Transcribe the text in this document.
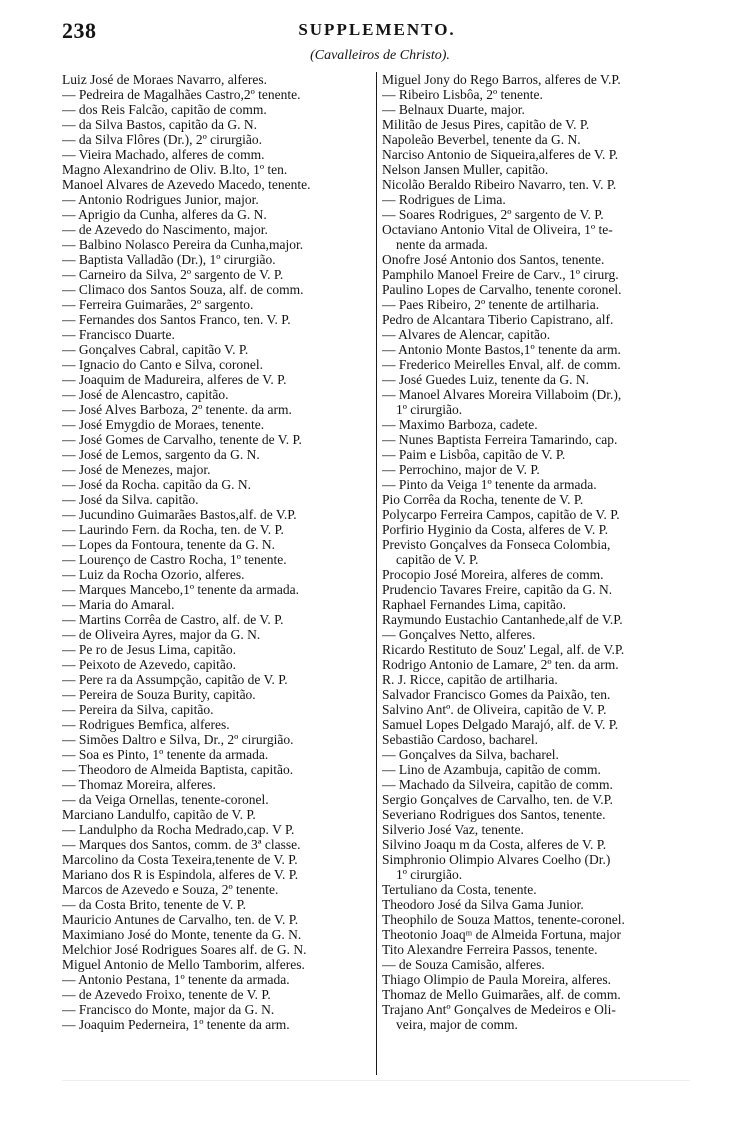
238	SUPPLEMENTO.
(Cavalleiros de Christo).
Luiz José de Moraes Navarro, alferes.
— Pedreira de Magalhães Castro,2º tenente.
— dos Reis Falcão, capitão de comm.
— da Silva Bastos, capitão da G. N.
— da Silva Flôres (Dr.), 2º cirurgião.
— Vieira Machado, alferes de comm.
Magno Alexandrino de Oliv. B.lto, 1º ten.
Manoel Alvares de Azevedo Macedo, tenente.
— Antonio Rodrigues Junior, major.
— Aprigio da Cunha, alferes da G. N.
— de Azevedo do Nascimento, major.
— Balbino Nolasco Pereira da Cunha,major.
— Baptista Valladão (Dr.), 1º cirurgião.
— Carneiro da Silva, 2º sargento de V. P.
— Climaco dos Santos Souza, alf. de comm.
— Ferreira Guimarães, 2º sargento.
— Fernandes dos Santos Franco, ten. V. P.
— Francisco Duarte.
— Gonçalves Cabral, capitão V. P.
— Ignacio do Canto e Silva, coronel.
— Joaquim de Madureira, alferes de V. P.
— José de Alencastro, capitão.
— José Alves Barboza, 2º tenente. da arm.
— José Emygdio de Moraes, tenente.
— José Gomes de Carvalho, tenente de V. P.
— José de Lemos, sargento da G. N.
— José de Menezes, major.
— José da Rocha. capitão da G. N.
— José da Silva. capitão.
— Jucundino Guimarães Bastos,alf. de V.P.
— Laurindo Fern. da Rocha, ten. de V. P.
— Lopes da Fontoura, tenente da G. N.
— Lourenço de Castro Rocha, 1º tenente.
— Luiz da Rocha Ozorio, alferes.
— Marques Mancebo,1º tenente da armada.
— Maria do Amaral.
— Martins Corrêa de Castro, alf. de V. P.
— de Oliveira Ayres, major da G. N.
— Pe ro de Jesus Lima, capitão.
— Peixoto de Azevedo, capitão.
— Pere ra da Assumpção, capitão de V. P.
— Pereira de Souza Burity, capitão.
— Pereira da Silva, capitão.
— Rodrigues Bemfica, alferes.
— Simões Daltro e Silva, Dr., 2º cirurgião.
— Soa es Pinto, 1º tenente da armada.
— Theodoro de Almeida Baptista, capitão.
— Thomaz Moreira, alferes.
— da Veiga Ornellas, tenente-coronel.
Marciano Landulfo, capitão de V. P.
— Landulpho da Rocha Medrado,cap. V P.
— Marques dos Santos, comm. de 3ª classe.
Marcolino da Costa Texeira,tenente de V. P.
Mariano dos R is Espindola, alferes de V. P.
Marcos de Azevedo e Souza, 2º tenente.
— da Costa Brito, tenente de V. P.
Mauricio Antunes de Carvalho, ten. de V. P.
Maximiano José do Monte, tenente da G. N.
Melchior José Rodrigues Soares alf. de G. N.
Miguel Antonio de Mello Tamborim, alferes.
— Antonio Pestana, 1º tenente da armada.
— de Azevedo Froixo, tenente de V. P.
— Francisco do Monte, major da G. N.
— Joaquim Pederneira, 1º tenente da arm.
Miguel Jony do Rego Barros, alferes de V.P.
— Ribeiro Lisbôa, 2º tenente.
— Belnaux Duarte, major.
Militão de Jesus Pires, capitão de V. P.
Napoleão Beverbel, tenente da G. N.
Narciso Antonio de Siqueira,alferes de V. P.
Nelson Jansen Muller, capitão.
Nicolão Beraldo Ribeiro Navarro, ten. V. P.
— Rodrigues de Lima.
— Soares Rodrigues, 2º sargento de V. P.
Octaviano Antonio Vital de Oliveira, 1º te-
nente da armada.
Onofre José Antonio dos Santos, tenente.
Pamphilo Manoel Freire de Carv., 1º cirurg.
Paulino Lopes de Carvalho, tenente coronel.
— Paes Ribeiro, 2º tenente de artilharia.
Pedro de Alcantara Tiberio Capistrano, alf.
— Alvares de Alencar, capitão.
— Antonio Monte Bastos,1º tenente da arm.
— Frederico Meirelles Enval, alf. de comm.
— José Guedes Luiz, tenente da G. N.
— Manoel Alvares Moreira Villaboim (Dr.),
1º cirurgião.
— Maximo Barboza, cadete.
— Nunes Baptista Ferreira Tamarindo, cap.
— Paim e Lisbôa, capitão de V. P.
— Perrochino, major de V. P.
— Pinto da Veiga 1º tenente da armada.
Pio Corrêa da Rocha, tenente de V. P.
Polycarpo Ferreira Campos, capitão de V. P.
Porfirio Hyginio da Costa, alferes de V. P.
Previsto Gonçalves da Fonseca Colombia,
capitão de V. P.
Procopio José Moreira, alferes de comm.
Prudencio Tavares Freire, capitão da G. N.
Raphael Fernandes Lima, capitão.
Raymundo Eustachio Cantanhede,alf de V.P.
— Gonçalves Netto, alferes.
Ricardo Restituto de Souz' Legal, alf. de V.P.
Rodrigo Antonio de Lamare, 2º ten. da arm.
R. J. Ricce, capitão de artilharia.
Salvador Francisco Gomes da Paixão, ten.
Salvino Antº. de Oliveira, capitão de V. P.
Samuel Lopes Delgado Marajó, alf. de V. P.
Sebastião Cardoso, bacharel.
— Gonçalves da Silva, bacharel.
— Lino de Azambuja, capitão de comm.
— Machado da Silveira, capitão de comm.
Sergio Gonçalves de Carvalho, ten. de V.P.
Severiano Rodrigues dos Santos, tenente.
Silverio José Vaz, tenente.
Silvino Joaqu m da Costa, alferes de V. P.
Simphronio Olimpio Alvares Coelho (Dr.)
1º cirurgião.
Tertuliano da Costa, tenente.
Theodoro José da Silva Gama Junior.
Theophilo de Souza Mattos, tenente-coronel.
Theotonio Joaqᵐ de Almeida Fortuna, major
Tito Alexandre Ferreira Passos, tenente.
— de Souza Camisão, alferes.
Thiago Olimpio de Paula Moreira, alferes.
Thomaz de Mello Guimarães, alf. de comm.
Trajano Antº Gonçalves de Medeiros e Oli-
veira, major de comm.
